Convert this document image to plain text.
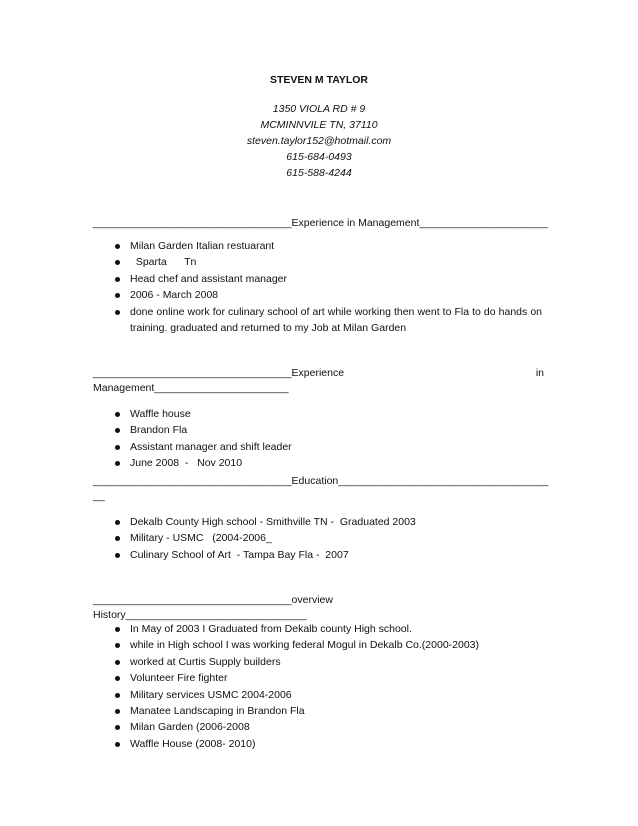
STEVEN M TAYLOR
1350 VIOLA RD # 9
MCMINNVILE TN, 37110
steven.taylor152@hotmail.com
615-684-0493
615-588-4244
__________________________________Experience in Management______________________
Milan Garden Italian restuarant
Sparta      Tn
Head chef and assistant manager
2006 - March 2008
done online work for culinary school of art while working then went to Fla to do hands on training. graduated and returned to my Job at Milan Garden
__________________________________Experience	in
Management_______________________
Waffle house
Brandon Fla
Assistant manager and shift leader
June 2008  -   Nov 2010
__________________________________Education____________________________________
__
Dekalb County High school - Smithville TN -  Graduated 2003
Military - USMC   (2004-2006_
Culinary School of Art  - Tampa Bay Fla -  2007
__________________________________overview
History_______________________________
In May of 2003 I Graduated from Dekalb county High school.
while in High school I was working federal Mogul in Dekalb Co.(2000-2003)
worked at Curtis Supply builders
Volunteer Fire fighter
Military services USMC 2004-2006
Manatee Landscaping in Brandon Fla
Milan Garden (2006-2008
Waffle House (2008- 2010)
